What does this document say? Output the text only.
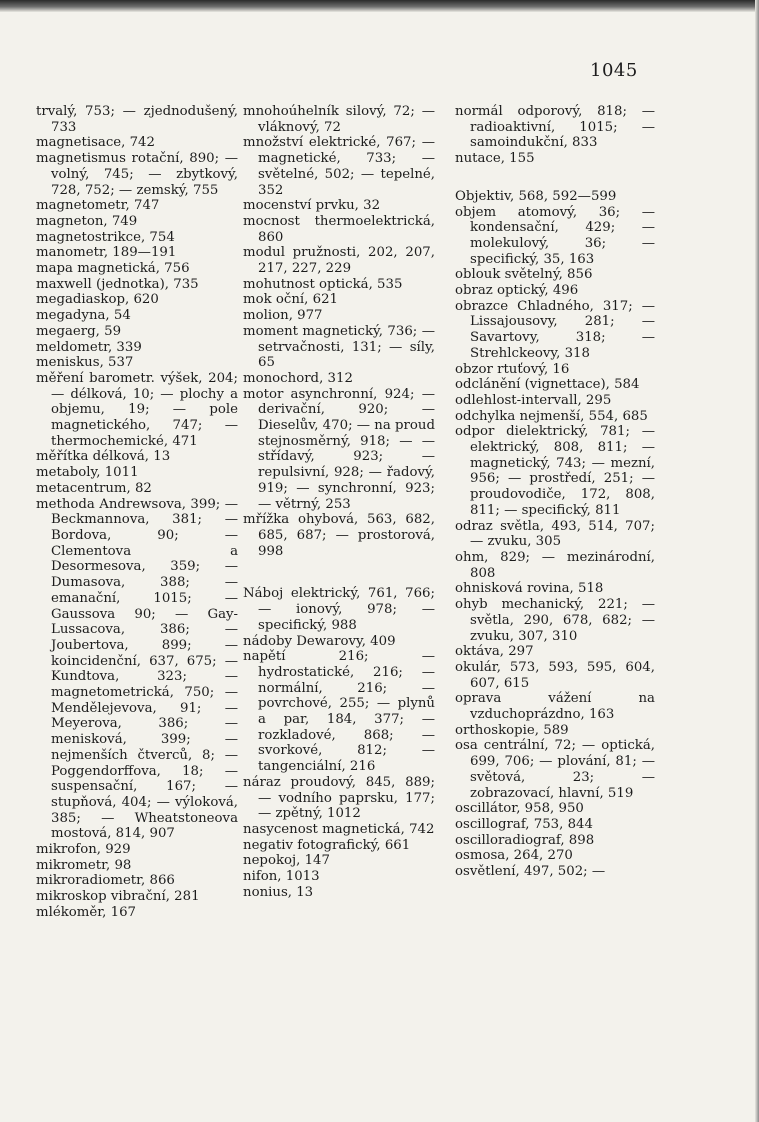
1045
trvalý, 753; — zjednodušený, 733
magnetisace, 742
magnetismus rotační, 890; — volný, 745; — zbytkový, 728, 752; — zemský, 755
magnetometr, 747
magneton, 749
magnetostrikce, 754
manometr, 189—191
mapa magnetická, 756
maxwell (jednotka), 735
megadiaskop, 620
megadyna, 54
megaerg, 59
meldometr, 339
meniskus, 537
měření barometr. výšek, 204; — délková, 10; — plochy a objemu, 19; — pole magnetického, 747; — thermochemické, 471
měřítka délková, 13
metaboly, 1011
metacentrum, 82
methoda Andrewsova, 399; — Beckmannova, 381; — Bordova, 90; — Clementova a Desormesova, 359; — Dumasova, 388; — emanační, 1015; — Gaussova 90; — Gay-Lussacova, 386; — Joubertova, 899; — koincidenční, 637, 675; — Kundtova, 323; — magnetometrická, 750; — Mendělejevova, 91; — Meyerova, 386; — menisková, 399; — nejmenších čtverců, 8; — Poggendorffova, 18; — suspensační, 167; — stupňová, 404; — výloková, 385; — Wheatstoneova mostová, 814, 907
mikrofon, 929
mikrometr, 98
mikroradiometr, 866
mikroskop vibrační, 281
mlékoměr, 167
mnohoúhelník silový, 72; — vláknový, 72
množství elektrické, 767; — magnetické, 733; — světelné, 502; — tepelné, 352
mocenství prvku, 32
mocnost thermoelektrická, 860
modul pružnosti, 202, 207, 217, 227, 229
mohutnost optická, 535
mok oční, 621
molion, 977
moment magnetický, 736; — setrvačnosti, 131; — síly, 65
monochord, 312
motor asynchronní, 924; — derivační, 920; — Dieselův, 470; — na proud stejnosměrný, 918; — — střídavý, 923; — repulsivní, 928; — řadový, 919; — synchronní, 923; — větrný, 253
mřížka ohybová, 563, 682, 685, 687; — prostorová, 998
Náboj elektrický, 761, 766; — ionový, 978; — specifický, 988
nádoby Dewarovy, 409
napětí 216; — hydrostatické, 216; — normální, 216; — povrchové, 255; — plynů a par, 184, 377; — rozkladové, 868; — svorkové, 812; — tangenciální, 216
náraz proudový, 845, 889; — vodního paprsku, 177; — zpětný, 1012
nasycenost magnetická, 742
negativ fotografický, 661
nepokoj, 147
nifon, 1013
nonius, 13
normál odporový, 818; — radioaktivní, 1015; — samoindukční, 833
nutace, 155
Objektiv, 568, 592—599
objem atomový, 36; — kondensační, 429; — molekulový, 36; — specifický, 35, 163
oblouk světelný, 856
obraz optický, 496
obrazce Chladného, 317; — Lissajousovy, 281; — Savartovy, 318; — Strehlckeovy, 318
obzor rtuťový, 16
odclánění (vignettace), 584
odlehlost-intervall, 295
odchylka nejmenší, 554, 685
odpor dielektrický, 781; — elektrický, 808, 811; — magnetický, 743; — mezní, 956; — prostředí, 251; — proudovodiče, 172, 808, 811; — specifický, 811
odraz světla, 493, 514, 707; — zvuku, 305
ohm, 829; — mezinárodní, 808
ohnisková rovina, 518
ohyb mechanický, 221; — světla, 290, 678, 682; — zvuku, 307, 310
oktáva, 297
okulár, 573, 593, 595, 604, 607, 615
oprava vážení na vzduchoprázdno, 163
orthoskopie, 589
osa centrální, 72; — optická, 699, 706; — plování, 81; — světová, 23; — zobrazovací, hlavní, 519
oscillátor, 958, 950
oscillograf, 753, 844
oscilloradiograf, 898
osmosa, 264, 270
osvětlení, 497, 502; —
